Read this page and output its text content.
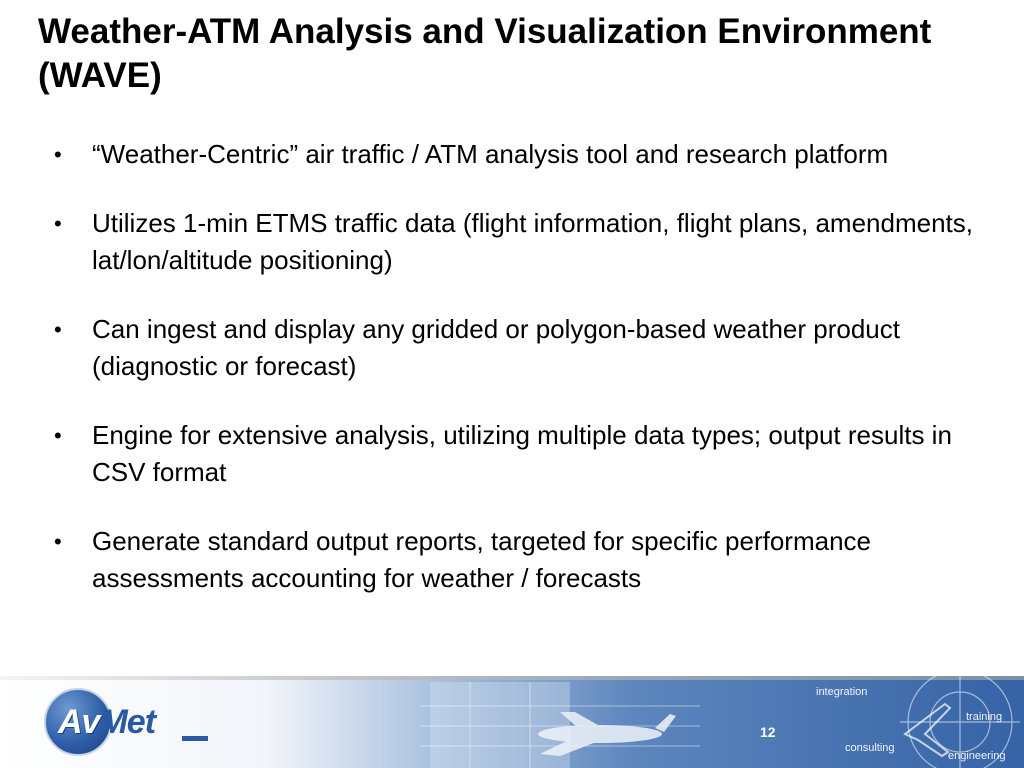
Weather-ATM Analysis and Visualization Environment (WAVE)
•	“Weather-Centric” air traffic / ATM analysis tool and research platform
•	Utilizes 1-min ETMS traffic data (flight information, flight plans, amendments, lat/lon/altitude positioning)
•	Can ingest and display any gridded or polygon-based weather product (diagnostic or forecast)
•	Engine for extensive analysis, utilizing multiple data types; output results in CSV format
•	Generate standard output reports, targeted for specific performance assessments accounting for weather / forecasts
AvMet	12
integration
training
consulting
engineering
